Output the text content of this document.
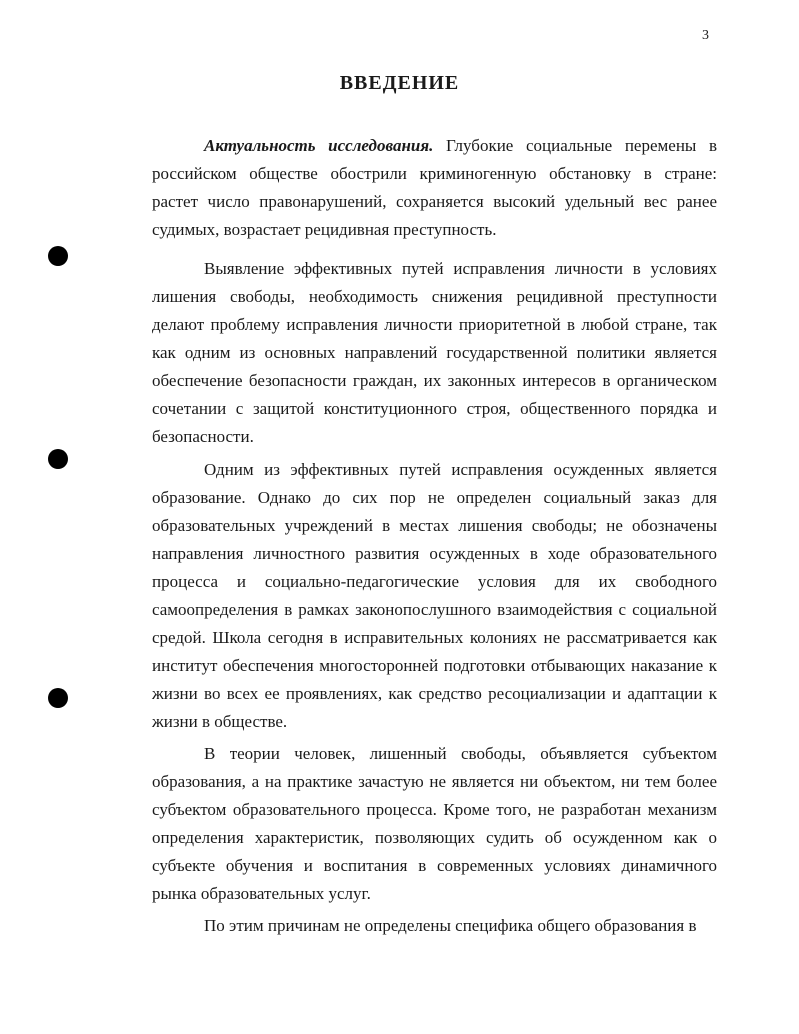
3
ВВЕДЕНИЕ

Актуальность исследования. Глубокие социальные перемены в российском обществе обострили криминогенную обстановку в стране: растет число правонарушений, сохраняется высокий удельный вес ранее судимых, возрастает рецидивная преступность.

Выявление эффективных путей исправления личности в условиях лишения свободы, необходимость снижения рецидивной преступности делают проблему исправления личности приоритетной в любой стране, так как одним из основных направлений государственной политики является обеспечение безопасности граждан, их законных интересов в органическом сочетании с защитой конституционного строя, общественного порядка и безопасности.

Одним из эффективных путей исправления осужденных является образование. Однако до сих пор не определен социальный заказ для образовательных учреждений в местах лишения свободы; не обозначены направления личностного развития осужденных в ходе образовательного процесса и социально-педагогические условия для их свободного самоопределения в рамках законопослушного взаимодействия с социальной средой. Школа сегодня в исправительных колониях не рассматривается как институт обеспечения многосторонней подготовки отбывающих наказание к жизни во всех ее проявлениях, как средство ресоциализации и адаптации к жизни в обществе.

В теории человек, лишенный свободы, объявляется субъектом образования, а на практике зачастую не является ни объектом, ни тем более субъектом образовательного процесса. Кроме того, не разработан механизм определения характеристик, позволяющих судить об осужденном как о субъекте обучения и воспитания в современных условиях динамичного рынка образовательных услуг.

По этим причинам не определены специфика общего образования в
